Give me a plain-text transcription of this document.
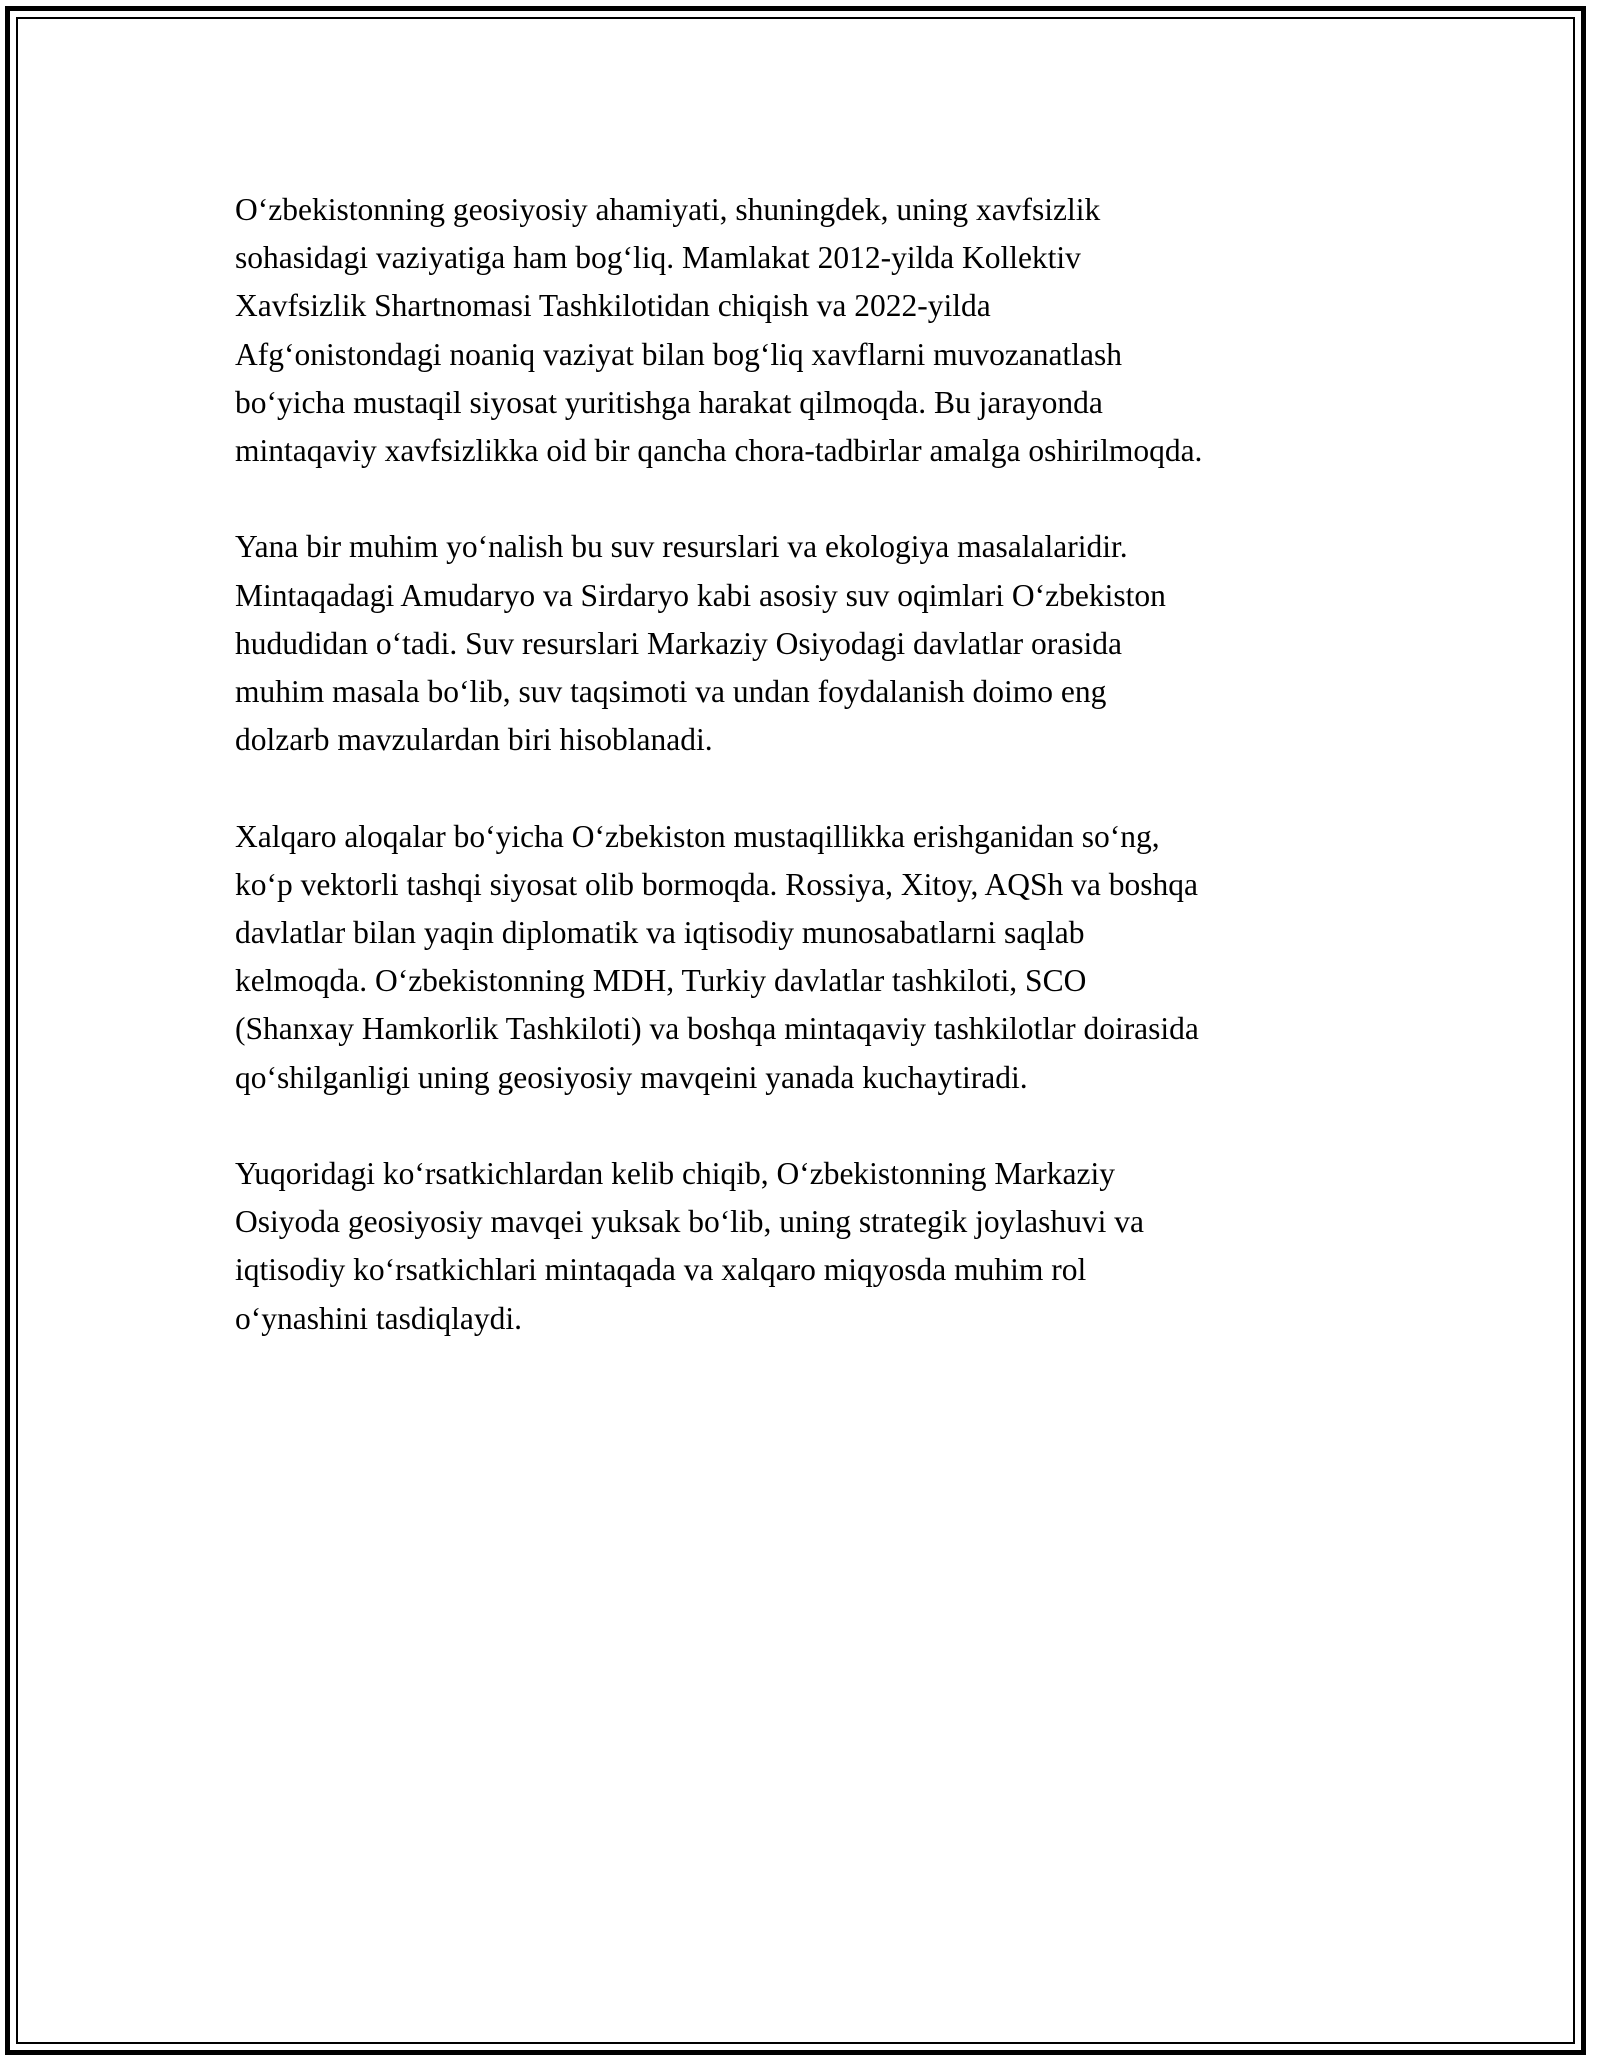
O‘zbekistonning geosiyosiy ahamiyati, shuningdek, uning xavfsizlik
sohasidagi vaziyatiga ham bog‘liq. Mamlakat 2012-yilda Kollektiv
Xavfsizlik Shartnomasi Tashkilotidan chiqish va 2022-yilda
Afg‘onistondagi noaniq vaziyat bilan bog‘liq xavflarni muvozanatlash
bo‘yicha mustaqil siyosat yuritishga harakat qilmoqda. Bu jarayonda
mintaqaviy xavfsizlikka oid bir qancha chora-tadbirlar amalga oshirilmoqda.

Yana bir muhim yo‘nalish bu suv resurslari va ekologiya masalalaridir.
Mintaqadagi Amudaryo va Sirdaryo kabi asosiy suv oqimlari O‘zbekiston
hududidan o‘tadi. Suv resurslari Markaziy Osiyodagi davlatlar orasida
muhim masala bo‘lib, suv taqsimoti va undan foydalanish doimo eng
dolzarb mavzulardan biri hisoblanadi.

Xalqaro aloqalar bo‘yicha O‘zbekiston mustaqillikka erishganidan so‘ng,
ko‘p vektorli tashqi siyosat olib bormoqda. Rossiya, Xitoy, AQSh va boshqa
davlatlar bilan yaqin diplomatik va iqtisodiy munosabatlarni saqlab
kelmoqda. O‘zbekistonning MDH, Turkiy davlatlar tashkiloti, SCO
(Shanxay Hamkorlik Tashkiloti) va boshqa mintaqaviy tashkilotlar doirasida
qo‘shilganligi uning geosiyosiy mavqeini yanada kuchaytiradi.

Yuqoridagi ko‘rsatkichlardan kelib chiqib, O‘zbekistonning Markaziy
Osiyoda geosiyosiy mavqei yuksak bo‘lib, uning strategik joylashuvi va
iqtisodiy ko‘rsatkichlari mintaqada va xalqaro miqyosda muhim rol
o‘ynashini tasdiqlaydi.
